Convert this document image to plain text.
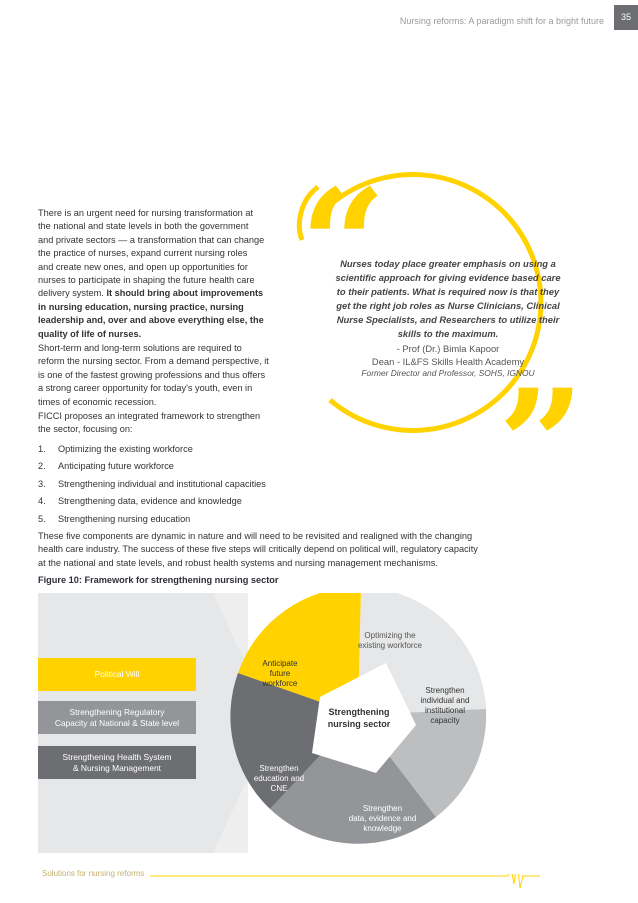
Nursing reforms: A paradigm shift for a bright future	35
There is an urgent need for nursing transformation at
the national and state levels in both the government
and private sectors — a transformation that can change
the practice of nurses, expand current nursing roles
and create new ones, and open up opportunities for
nurses to participate in shaping the future health care
delivery system. It should bring about improvements
in nursing education, nursing practice, nursing
leadership and, over and above everything else, the
quality of life of nurses.
Short-term and long-term solutions are required to
reform the nursing sector. From a demand perspective, it
is one of the fastest growing professions and thus offers
a strong career opportunity for today's youth, even in
times of economic recession.
FICCI proposes an integrated framework to strengthen
the sector, focusing on:
1.	Optimizing the existing workforce
2.	Anticipating future workforce
3.	Strengthening individual and institutional capacities
4.	Strengthening data, evidence and knowledge
5.	Strengthening nursing education
These five components are dynamic in nature and will need to be revisited and realigned with the changing
health care industry. The success of these five steps will critically depend on political will, regulatory capacity
at the national and state levels, and robust health systems and nursing management mechanisms.
Figure 10: Framework for strengthening nursing sector
“
”
Nurses today place greater emphasis on using a
scientific approach for giving evidence based care
to their patients. What is required now is that they
get the right job roles as Nurse Clinicians, Clinical
Nurse Specialists, and Researchers to utilize their
skills to the maximum.
- Prof (Dr.) Bimla Kapoor
Dean - IL&FS Skills Health Academy
Former Director and Professor, SOHS, IGNOU
Political Will
Strengthening Regulatory
Capacity at National & State level
Strengthening Health System
& Nursing Management
Strengthening
nursing sector
Optimizing the
existing workforce
Strengthen
individual and
institutional
capacity
Strengthen
data, evidence and
knowledge
Strengthen
education and
CNE
Anticipate
future
workforce
Solutions for nursing reforms
